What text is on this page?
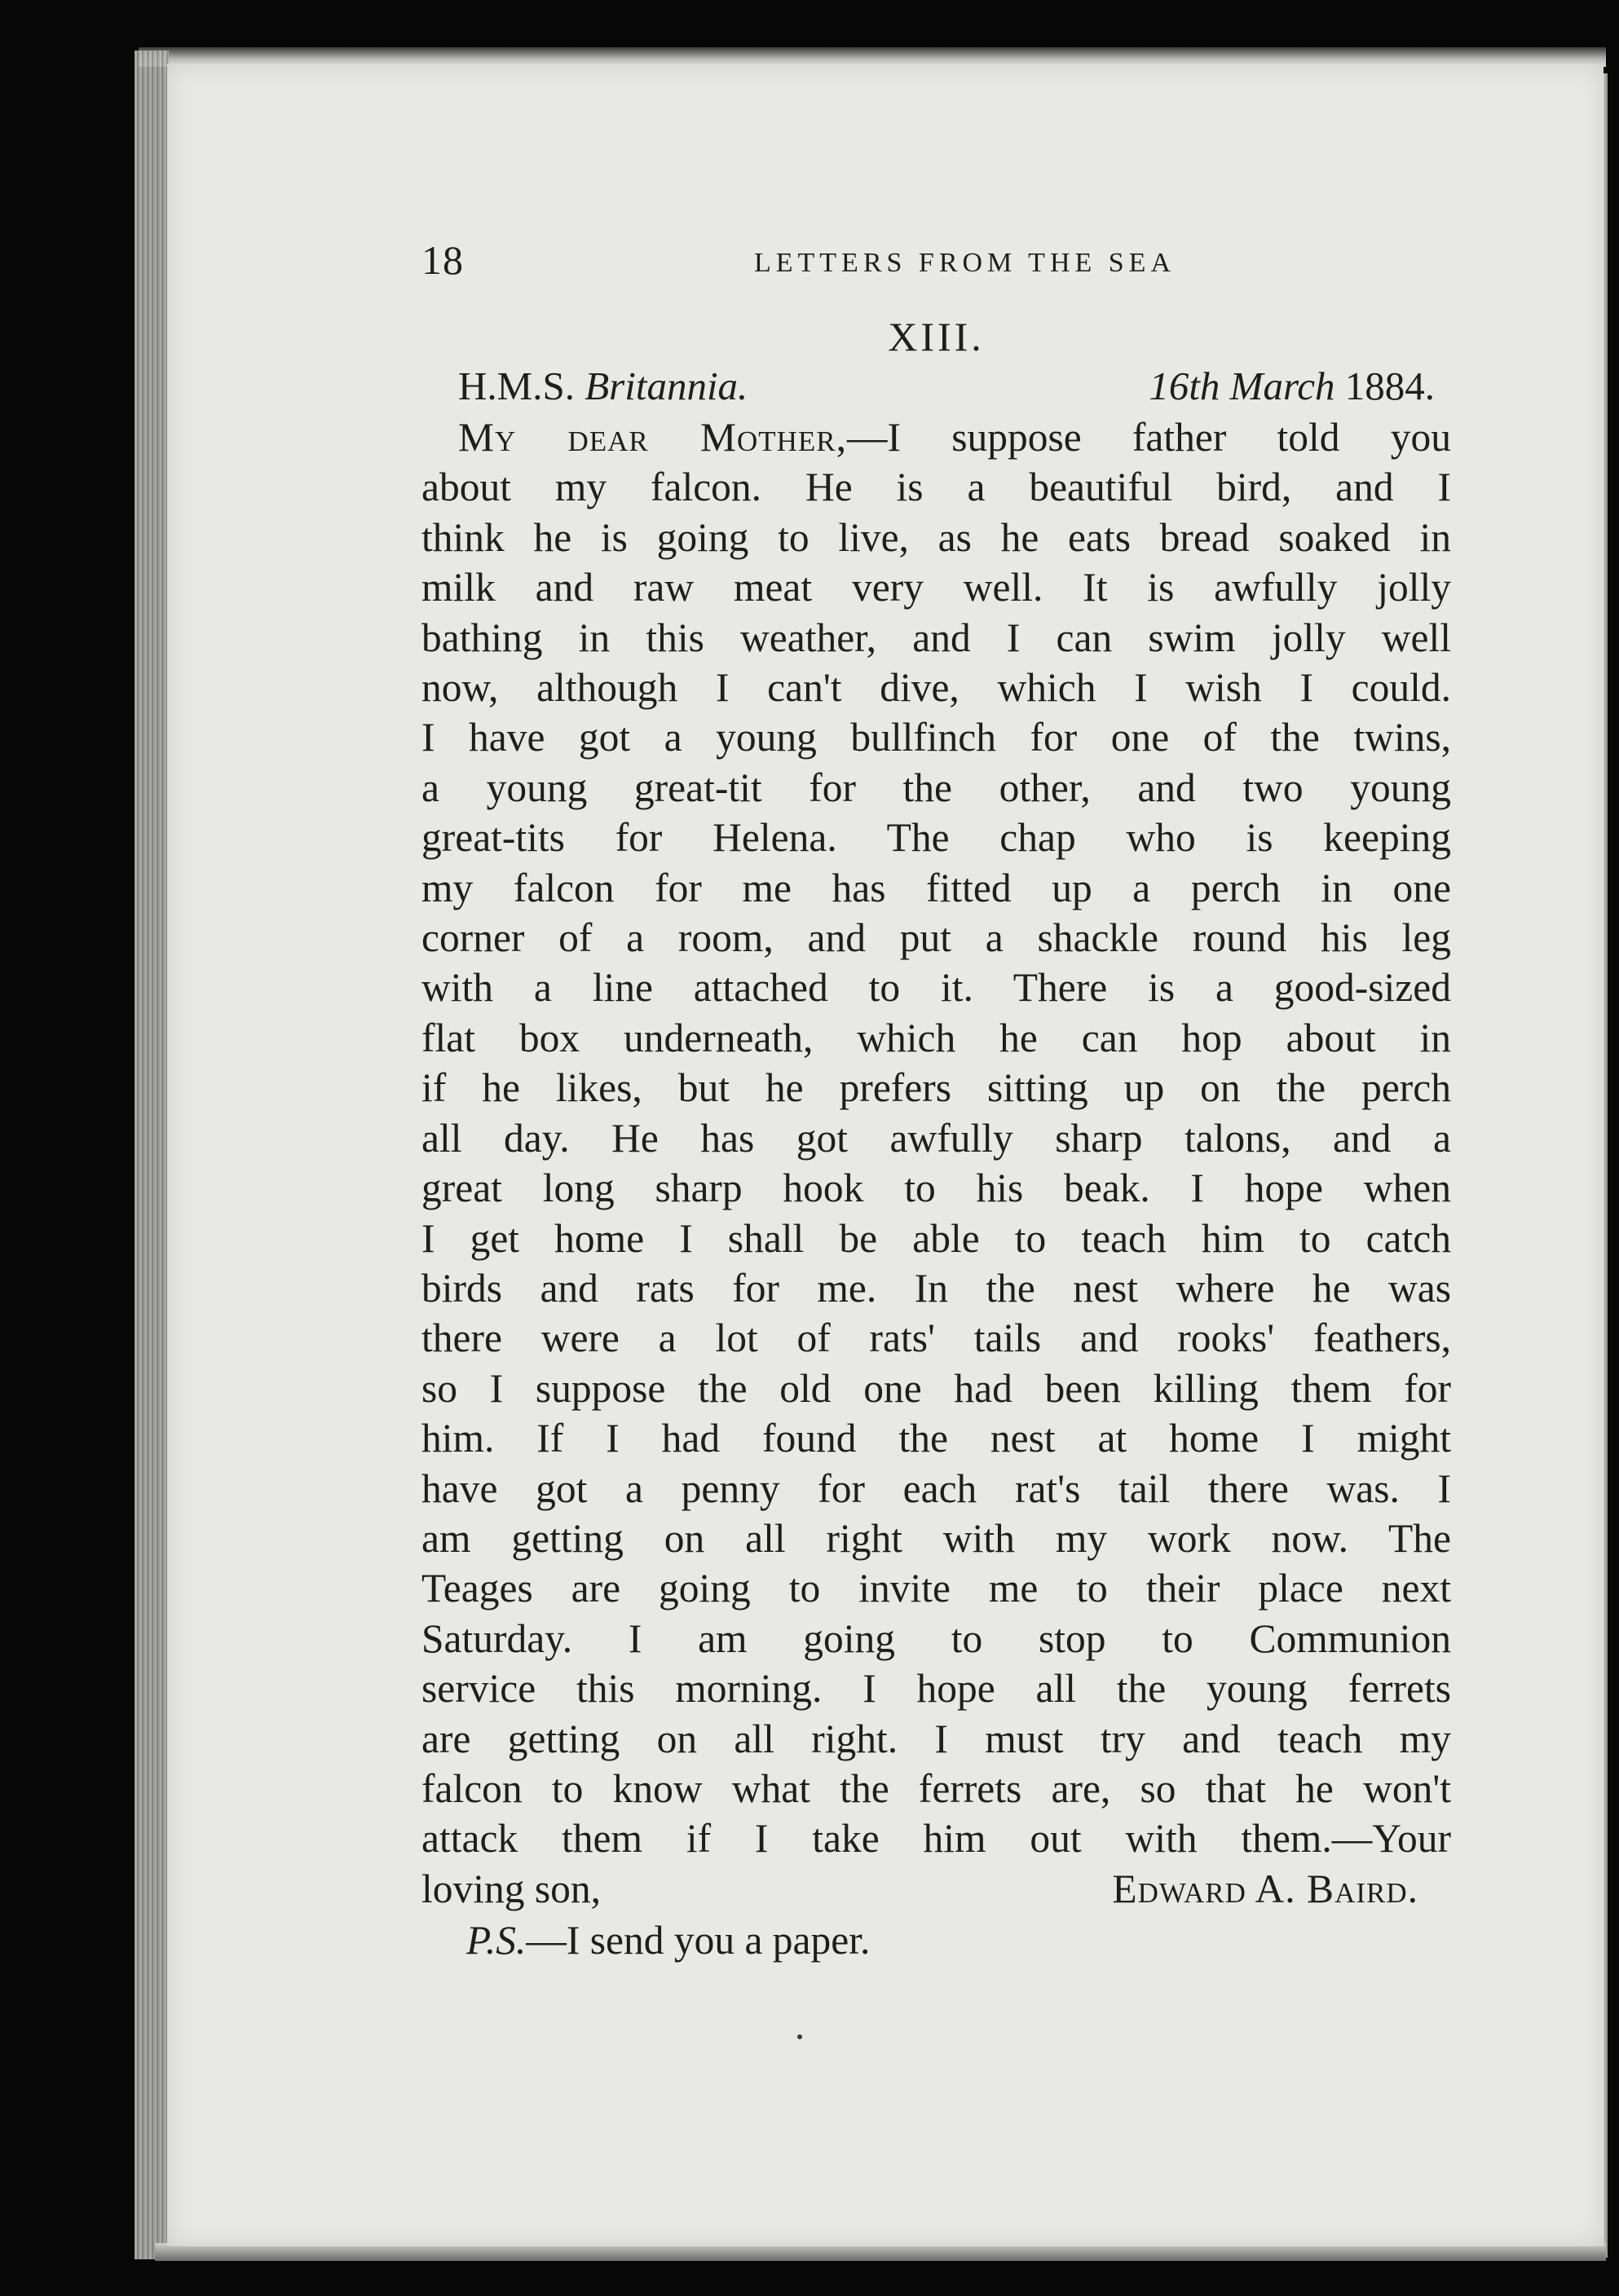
18	LETTERS FROM THE SEA
XIII.
H.M.S. Britannia.	16th March 1884.
My dear Mother,—I suppose father told you
about my falcon. He is a beautiful bird, and I
think he is going to live, as he eats bread soaked in
milk and raw meat very well. It is awfully jolly
bathing in this weather, and I can swim jolly well
now, although I can't dive, which I wish I could.
I have got a young bullfinch for one of the twins,
a young great-tit for the other, and two young
great-tits for Helena. The chap who is keeping
my falcon for me has fitted up a perch in one
corner of a room, and put a shackle round his leg
with a line attached to it. There is a good-sized
flat box underneath, which he can hop about in
if he likes, but he prefers sitting up on the perch
all day. He has got awfully sharp talons, and a
great long sharp hook to his beak. I hope when
I get home I shall be able to teach him to catch
birds and rats for me. In the nest where he was
there were a lot of rats' tails and rooks' feathers,
so I suppose the old one had been killing them for
him. If I had found the nest at home I might
have got a penny for each rat's tail there was. I
am getting on all right with my work now. The
Teages are going to invite me to their place next
Saturday. I am going to stop to Communion
service this morning. I hope all the young ferrets
are getting on all right. I must try and teach my
falcon to know what the ferrets are, so that he won't
attack them if I take him out with them.—Your
loving son,	Edward A. Baird.
P.S.—I send you a paper.
